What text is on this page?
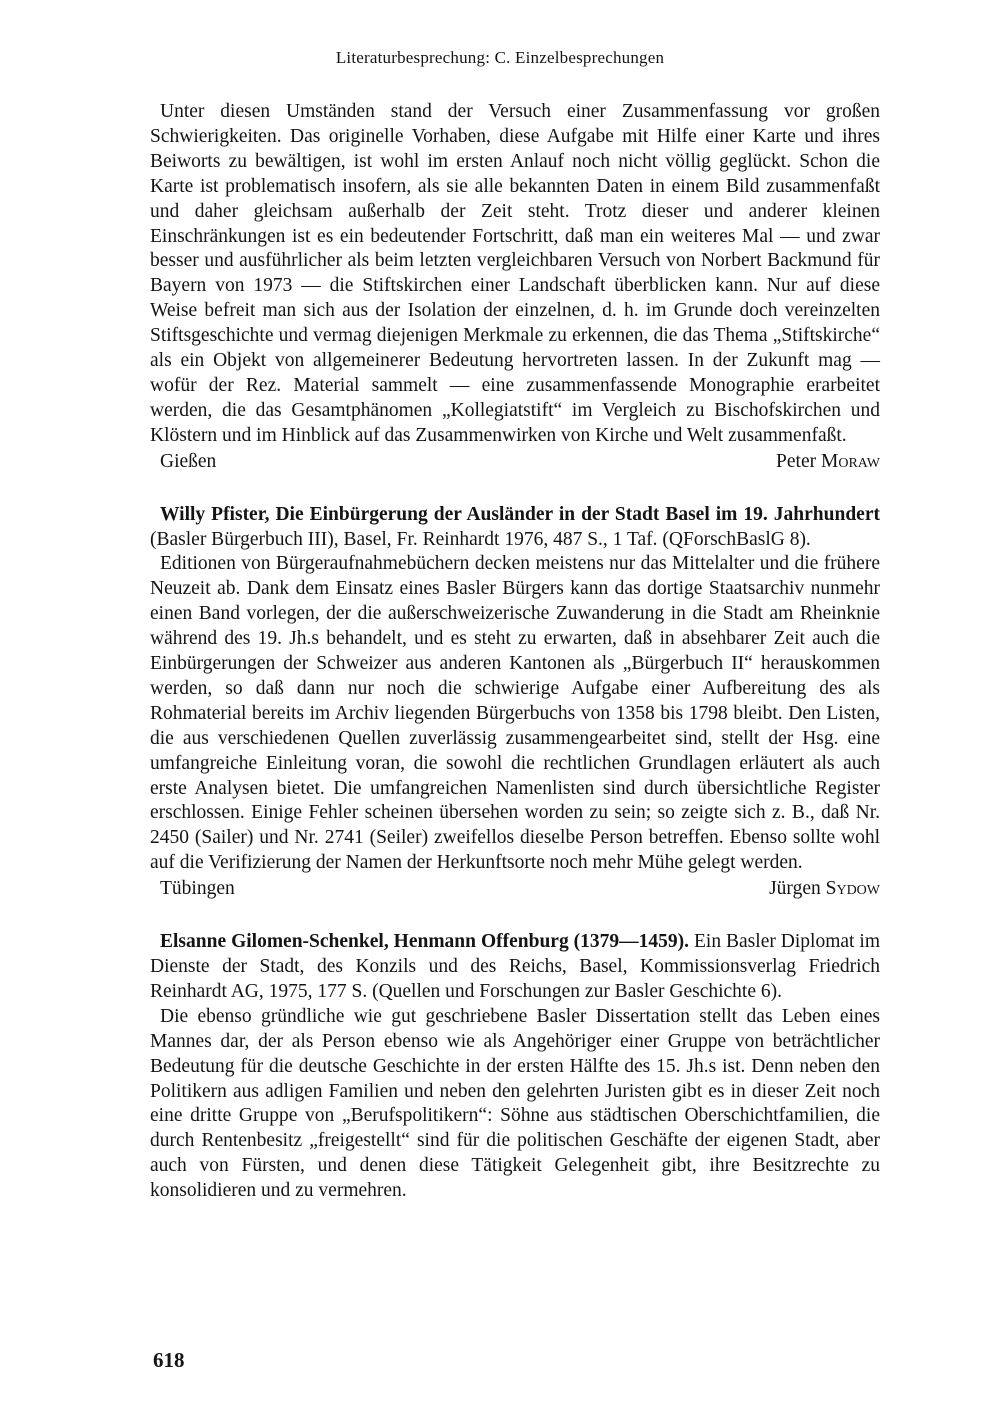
Literaturbesprechung: C. Einzelbesprechungen

Unter diesen Umständen stand der Versuch einer Zusammenfassung vor großen Schwierigkeiten. Das originelle Vorhaben, diese Aufgabe mit Hilfe einer Karte und ihres Beiworts zu bewältigen, ist wohl im ersten Anlauf noch nicht völlig geglückt. Schon die Karte ist problematisch insofern, als sie alle bekannten Daten in einem Bild zusammenfaßt und daher gleichsam außerhalb der Zeit steht. Trotz dieser und anderer kleinen Einschränkungen ist es ein bedeutender Fortschritt, daß man ein weiteres Mal — und zwar besser und ausführlicher als beim letzten vergleichbaren Versuch von Norbert Backmund für Bayern von 1973 — die Stiftskirchen einer Landschaft überblicken kann. Nur auf diese Weise befreit man sich aus der Isolation der einzelnen, d. h. im Grunde doch vereinzelten Stiftsgeschichte und vermag diejenigen Merkmale zu erkennen, die das Thema „Stiftskirche“ als ein Objekt von allgemeinerer Bedeutung hervortreten lassen. In der Zukunft mag — wofür der Rez. Material sammelt — eine zusammenfassende Monographie erarbeitet werden, die das Gesamtphänomen „Kollegiatstift“ im Vergleich zu Bischofskirchen und Klöstern und im Hinblick auf das Zusammenwirken von Kirche und Welt zusammenfaßt.

Gießen	Peter Moraw

Willy Pfister, Die Einbürgerung der Ausländer in der Stadt Basel im 19. Jahrhundert (Basler Bürgerbuch III), Basel, Fr. Reinhardt 1976, 487 S., 1 Taf. (QForschBaslG 8).

Editionen von Bürgeraufnahmebüchern decken meistens nur das Mittelalter und die frühere Neuzeit ab. Dank dem Einsatz eines Basler Bürgers kann das dortige Staatsarchiv nunmehr einen Band vorlegen, der die außerschweizerische Zuwanderung in die Stadt am Rheinknie während des 19. Jh.s behandelt, und es steht zu erwarten, daß in absehbarer Zeit auch die Einbürgerungen der Schweizer aus anderen Kantonen als „Bürgerbuch II“ herauskommen werden, so daß dann nur noch die schwierige Aufgabe einer Aufbereitung des als Rohmaterial bereits im Archiv liegenden Bürgerbuchs von 1358 bis 1798 bleibt. Den Listen, die aus verschiedenen Quellen zuverlässig zusammengearbeitet sind, stellt der Hsg. eine umfangreiche Einleitung voran, die sowohl die rechtlichen Grundlagen erläutert als auch erste Analysen bietet. Die umfangreichen Namenlisten sind durch übersichtliche Register erschlossen. Einige Fehler scheinen übersehen worden zu sein; so zeigte sich z. B., daß Nr. 2450 (Sailer) und Nr. 2741 (Seiler) zweifellos dieselbe Person betreffen. Ebenso sollte wohl auf die Verifizierung der Namen der Herkunftsorte noch mehr Mühe gelegt werden.

Tübingen	Jürgen Sydow

Elsanne Gilomen-Schenkel, Henmann Offenburg (1379—1459). Ein Basler Diplomat im Dienste der Stadt, des Konzils und des Reichs, Basel, Kommissionsverlag Friedrich Reinhardt AG, 1975, 177 S. (Quellen und Forschungen zur Basler Geschichte 6).

Die ebenso gründliche wie gut geschriebene Basler Dissertation stellt das Leben eines Mannes dar, der als Person ebenso wie als Angehöriger einer Gruppe von beträchtlicher Bedeutung für die deutsche Geschichte in der ersten Hälfte des 15. Jh.s ist. Denn neben den Politikern aus adligen Familien und neben den gelehrten Juristen gibt es in dieser Zeit noch eine dritte Gruppe von „Berufspolitikern“: Söhne aus städtischen Oberschichtfamilien, die durch Rentenbesitz „freigestellt“ sind für die politischen Geschäfte der eigenen Stadt, aber auch von Fürsten, und denen diese Tätigkeit Gelegenheit gibt, ihre Besitzrechte zu konsolidieren und zu vermehren.

618
